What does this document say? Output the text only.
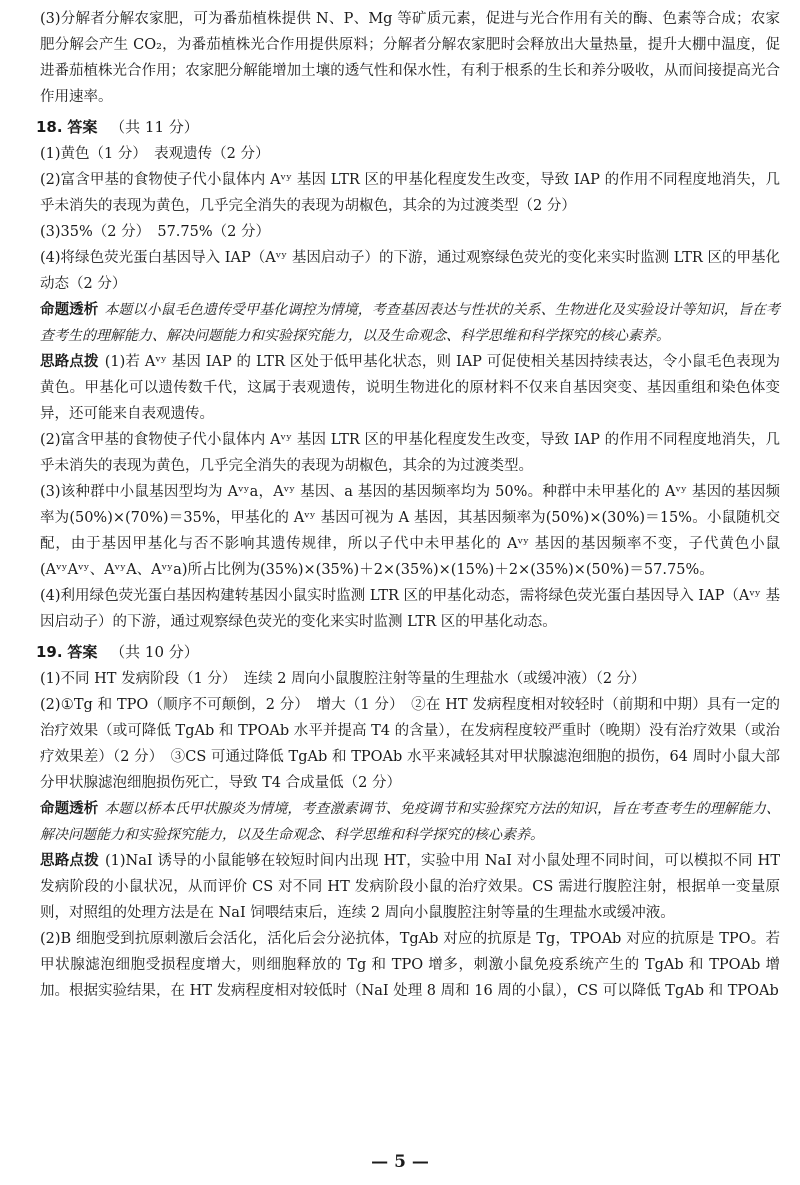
(3)分解者分解农家肥，可为番茄植株提供 N、P、Mg 等矿质元素，促进与光合作用有关的酶、色素等合成；农家肥分解会产生 CO₂，为番茄植株光合作用提供原料；分解者分解农家肥时会释放出大量热量，提升大棚中温度，促进番茄植株光合作用；农家肥分解能增加土壤的透气性和保水性，有利于根系的生长和养分吸收，从而间接提高光合作用速率。

18. 答案 （共 11 分）

(1)黄色（1 分）　表观遗传（2 分）

(2)富含甲基的食物使子代小鼠体内 Aᵛʸ 基因 LTR 区的甲基化程度发生改变，导致 IAP 的作用不同程度地消失，几乎未消失的表现为黄色，几乎完全消失的表现为胡椒色，其余的为过渡类型（2 分）

(3)35%（2 分）　57.75%（2 分）

(4)将绿色荧光蛋白基因导入 IAP（Aᵛʸ 基因启动子）的下游，通过观察绿色荧光的变化来实时监测 LTR 区的甲基化动态（2 分）

命题透析 本题以小鼠毛色遗传受甲基化调控为情境，考查基因表达与性状的关系、生物进化及实验设计等知识，旨在考查考生的理解能力、解决问题能力和实验探究能力，以及生命观念、科学思维和科学探究的核心素养。

思路点拨 (1)若 Aᵛʸ 基因 IAP 的 LTR 区处于低甲基化状态，则 IAP 可促使相关基因持续表达，令小鼠毛色表现为黄色。甲基化可以遗传数千代，这属于表观遗传，说明生物进化的原材料不仅来自基因突变、基因重组和染色体变异，还可能来自表观遗传。

(2)富含甲基的食物使子代小鼠体内 Aᵛʸ 基因 LTR 区的甲基化程度发生改变，导致 IAP 的作用不同程度地消失，几乎未消失的表现为黄色，几乎完全消失的表现为胡椒色，其余的为过渡类型。

(3)该种群中小鼠基因型均为 Aᵛʸa，Aᵛʸ 基因、a 基因的基因频率均为 50%。种群中未甲基化的 Aᵛʸ 基因的基因频率为(50%)×(70%)＝35%，甲基化的 Aᵛʸ 基因可视为 A 基因，其基因频率为(50%)×(30%)＝15%。小鼠随机交配，由于基因甲基化与否不影响其遗传规律，所以子代中未甲基化的 Aᵛʸ 基因的基因频率不变，子代黄色小鼠(AᵛʸAᵛʸ、AᵛʸA、Aᵛʸa)所占比例为(35%)×(35%)＋2×(35%)×(15%)＋2×(35%)×(50%)＝57.75%。

(4)利用绿色荧光蛋白基因构建转基因小鼠实时监测 LTR 区的甲基化动态，需将绿色荧光蛋白基因导入 IAP（Aᵛʸ 基因启动子）的下游，通过观察绿色荧光的变化来实时监测 LTR 区的甲基化动态。

19. 答案 （共 10 分）

(1)不同 HT 发病阶段（1 分）　连续 2 周向小鼠腹腔注射等量的生理盐水（或缓冲液）（2 分）

(2)①Tg 和 TPO（顺序不可颠倒，2 分）　增大（1 分）　②在 HT 发病程度相对较轻时（前期和中期）具有一定的治疗效果（或可降低 TgAb 和 TPOAb 水平并提高 T4 的含量），在发病程度较严重时（晚期）没有治疗效果（或治疗效果差）（2 分）　③CS 可通过降低 TgAb 和 TPOAb 水平来减轻其对甲状腺滤泡细胞的损伤，64 周时小鼠大部分甲状腺滤泡细胞损伤死亡，导致 T4 合成量低（2 分）

命题透析 本题以桥本氏甲状腺炎为情境，考查激素调节、免疫调节和实验探究方法的知识，旨在考查考生的理解能力、解决问题能力和实验探究能力，以及生命观念、科学思维和科学探究的核心素养。

思路点拨 (1)NaI 诱导的小鼠能够在较短时间内出现 HT，实验中用 NaI 对小鼠处理不同时间，可以模拟不同 HT 发病阶段的小鼠状况，从而评价 CS 对不同 HT 发病阶段小鼠的治疗效果。CS 需进行腹腔注射，根据单一变量原则，对照组的处理方法是在 NaI 饲喂结束后，连续 2 周向小鼠腹腔注射等量的生理盐水或缓冲液。

(2)B 细胞受到抗原刺激后会活化，活化后会分泌抗体，TgAb 对应的抗原是 Tg，TPOAb 对应的抗原是 TPO。若甲状腺滤泡细胞受损程度增大，则细胞释放的 Tg 和 TPO 增多，刺激小鼠免疫系统产生的 TgAb 和 TPOAb 增加。根据实验结果，在 HT 发病程度相对较低时（NaI 处理 8 周和 16 周的小鼠），CS 可以降低 TgAb 和 TPOAb

— 5 —
